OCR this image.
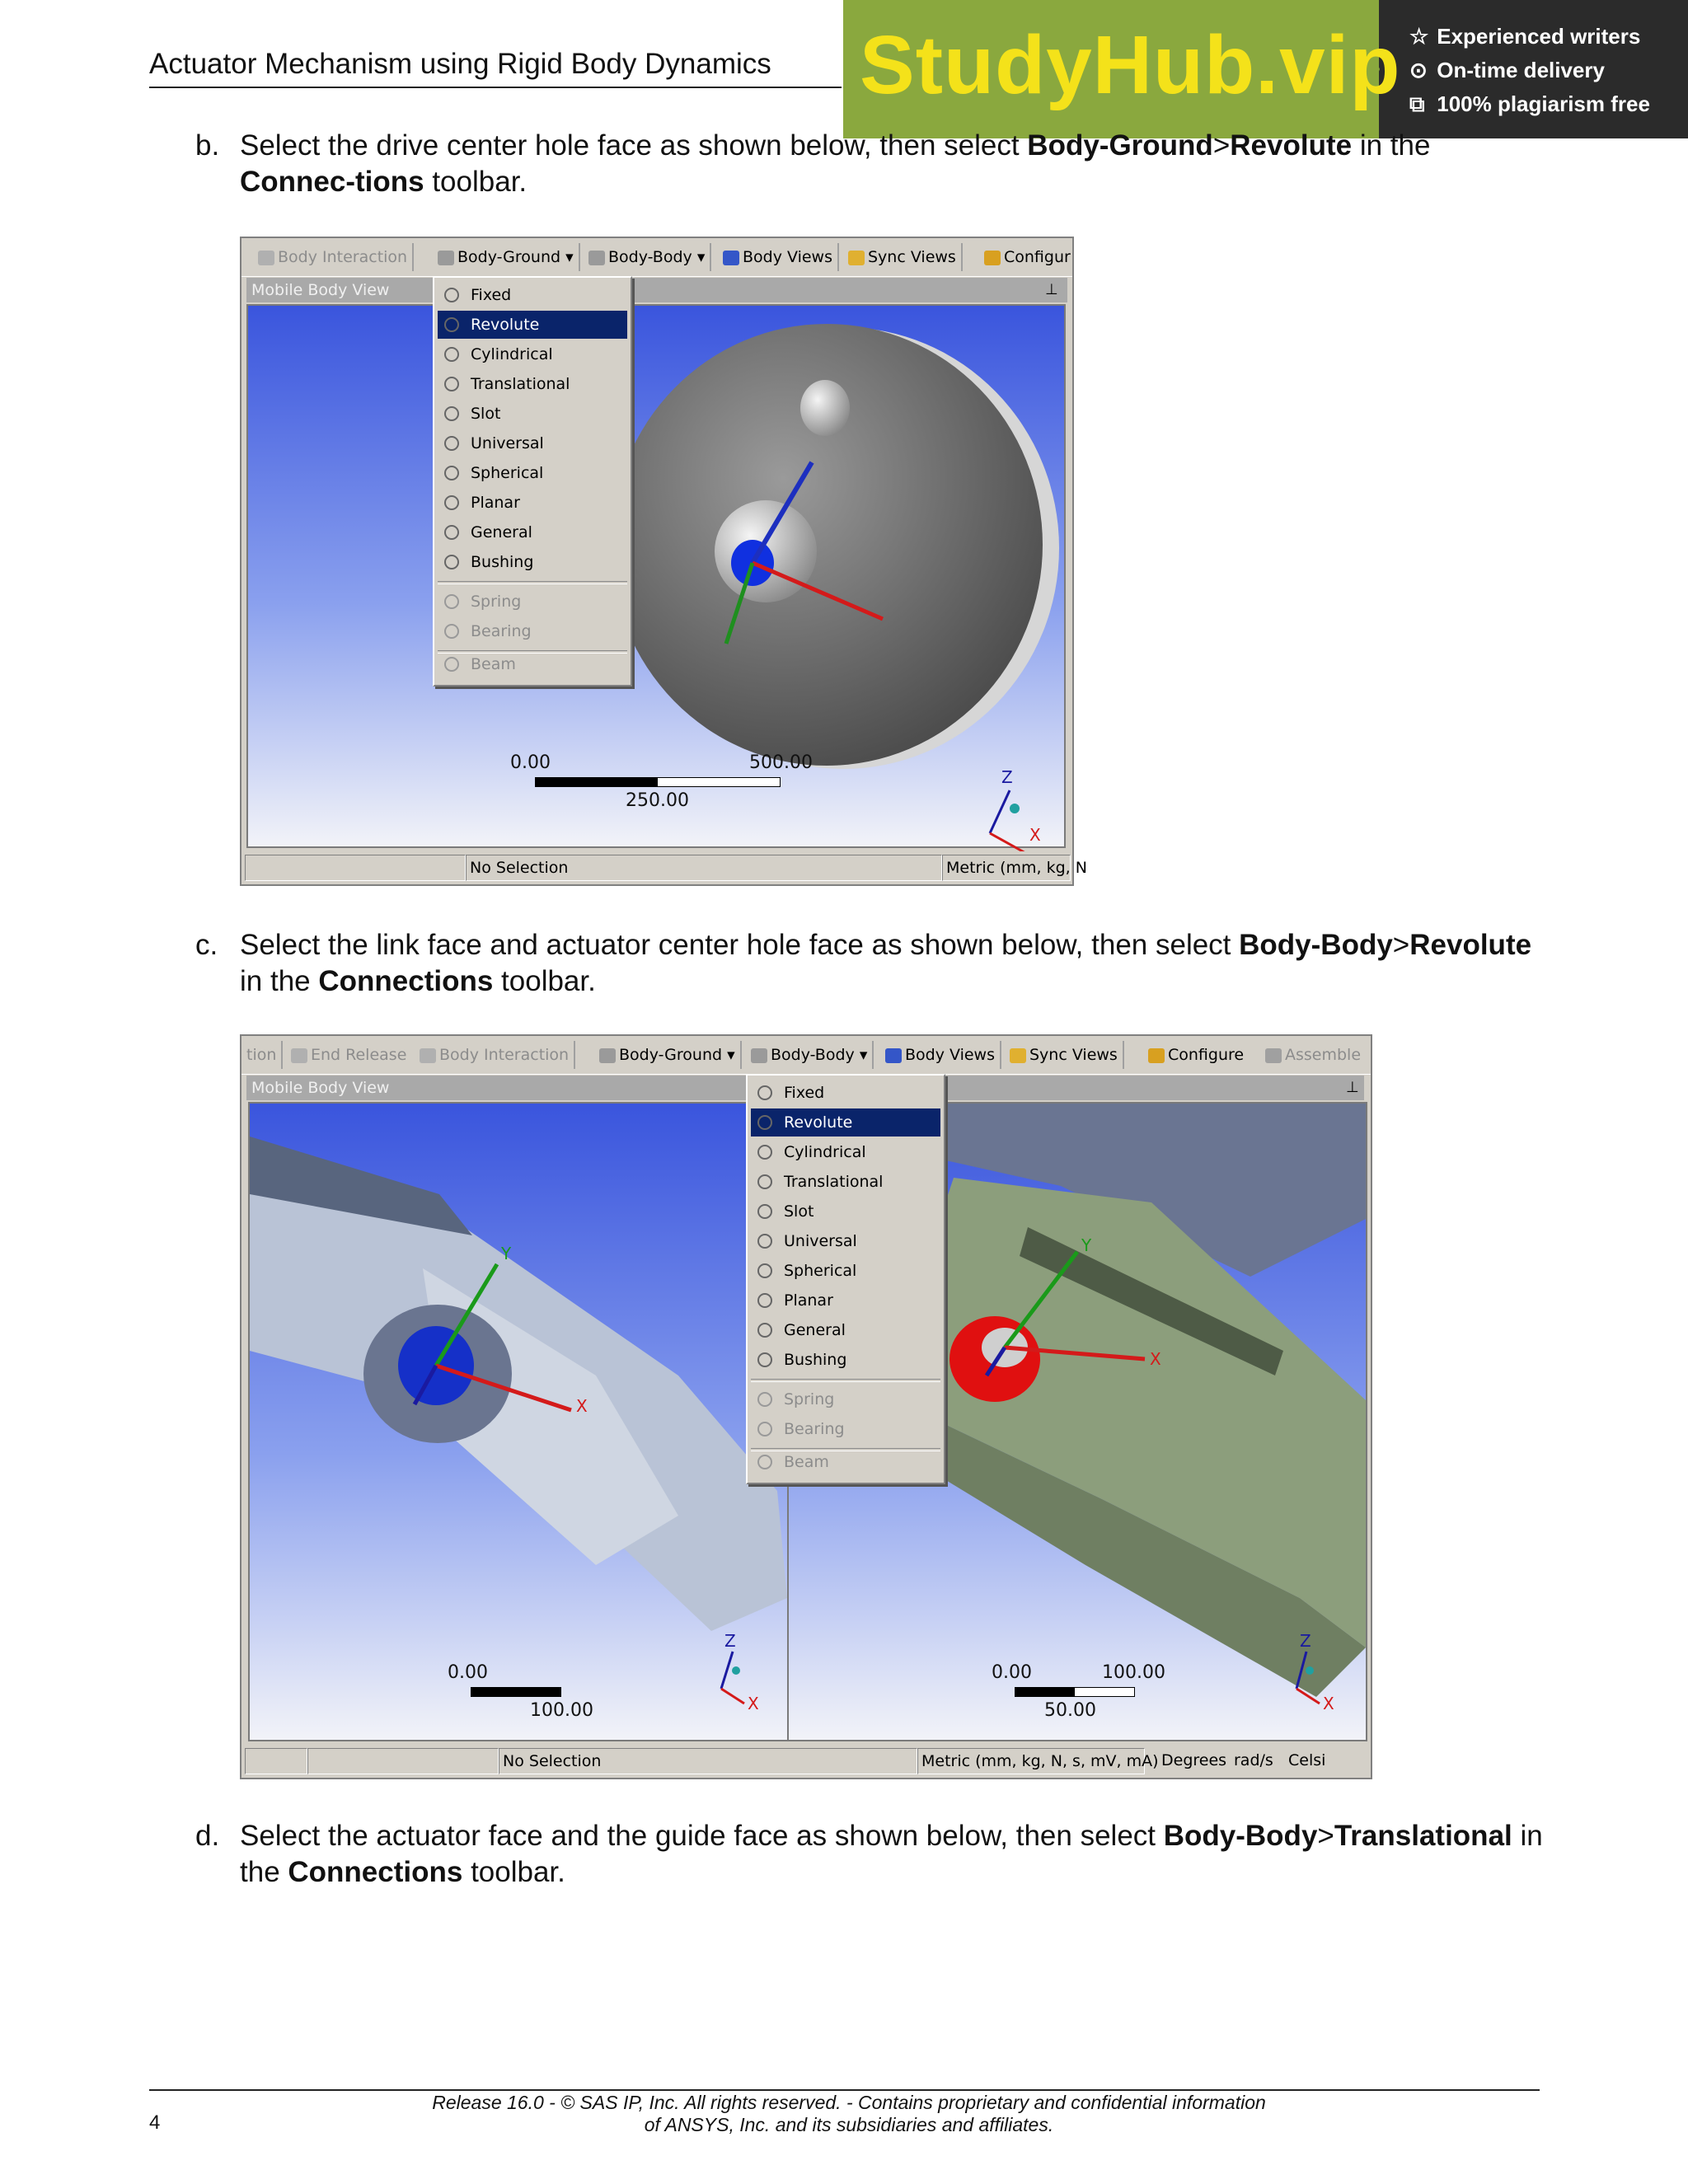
Actuator Mechanism using Rigid Body Dynamics StudyHub.vip ☆ Experienced writers
⊙ On-time delivery
⧉ 100% plagiarism free
b. Select the drive center hole face as shown below, then select Body-Ground>Revolute in the Connec-tions toolbar.
Body Interaction	Body-Ground ▾	Body-Body ▾	Body Views	Sync Views	Configur
Mobile Body View	⊥
Z
X
0.00	500.00
250.00
Fixed
Revolute
Cylindrical
Translational
Slot
Universal
Spherical
Planar
General
Bushing
Spring
Bearing
Beam
No Selection	Metric (mm, kg, N
c. Select the link face and actuator center hole face as shown below, then select Body-Body>Revolute in the Connections toolbar.
tion	End Release	Body Interaction	Body-Ground ▾	Body-Body ▾	Body Views	Sync Views	Configure	Assemble
Mobile Body View	⊥
Y
X
Z
X
0.00
100.00
Y
X
Z
X
0.00	100.00
50.00
Fixed
Revolute
Cylindrical
Translational
Slot
Universal
Spherical
Planar
General
Bushing
Spring
Bearing
Beam
No Selection	Metric (mm, kg, N, s, mV, mA) Degrees rad/s Celsi
d. Select the actuator face and the guide face as shown below, then select Body-Body>Translational in the Connections toolbar.
4
Release 16.0 - © SAS IP, Inc. All rights reserved. - Contains proprietary and confidential information
of ANSYS, Inc. and its subsidiaries and affiliates.
